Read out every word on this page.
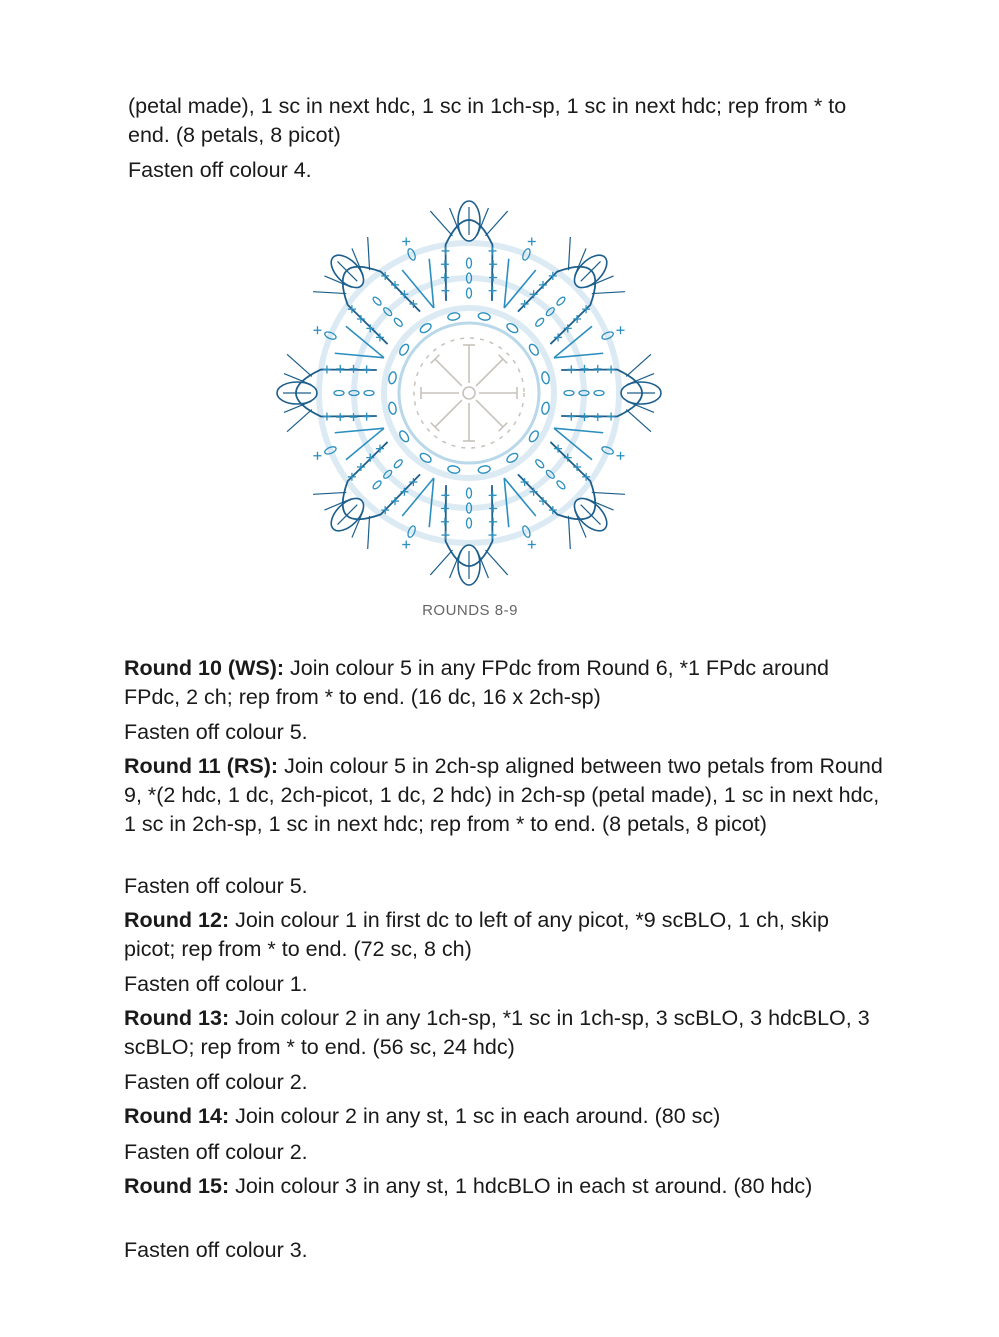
(petal made), 1 sc in next hdc, 1 sc in 1ch-sp, 1 sc in next hdc; rep from * to end. (8 petals, 8 picot)

Fasten off colour 4.

ROUNDS 8-9

Round 10 (WS): Join colour 5 in any FPdc from Round 6, *1 FPdc around FPdc, 2 ch; rep from * to end. (16 dc, 16 x 2ch-sp)

Fasten off colour 5.

Round 11 (RS): Join colour 5 in 2ch-sp aligned between two petals from Round 9, *(2 hdc, 1 dc, 2ch-picot, 1 dc, 2 hdc) in 2ch-sp (petal made), 1 sc in next hdc, 1 sc in 2ch-sp, 1 sc in next hdc; rep from * to end. (8 petals, 8 picot)

Fasten off colour 5.

Round 12: Join colour 1 in first dc to left of any picot, *9 scBLO, 1 ch, skip picot; rep from * to end. (72 sc, 8 ch)

Fasten off colour 1.

Round 13: Join colour 2 in any 1ch-sp, *1 sc in 1ch-sp, 3 scBLO, 3 hdcBLO, 3 scBLO; rep from * to end. (56 sc, 24 hdc)

Fasten off colour 2.

Round 14: Join colour 2 in any st, 1 sc in each around. (80 sc)

Fasten off colour 2.

Round 15: Join colour 3 in any st, 1 hdcBLO in each st around. (80 hdc)

Fasten off colour 3.
